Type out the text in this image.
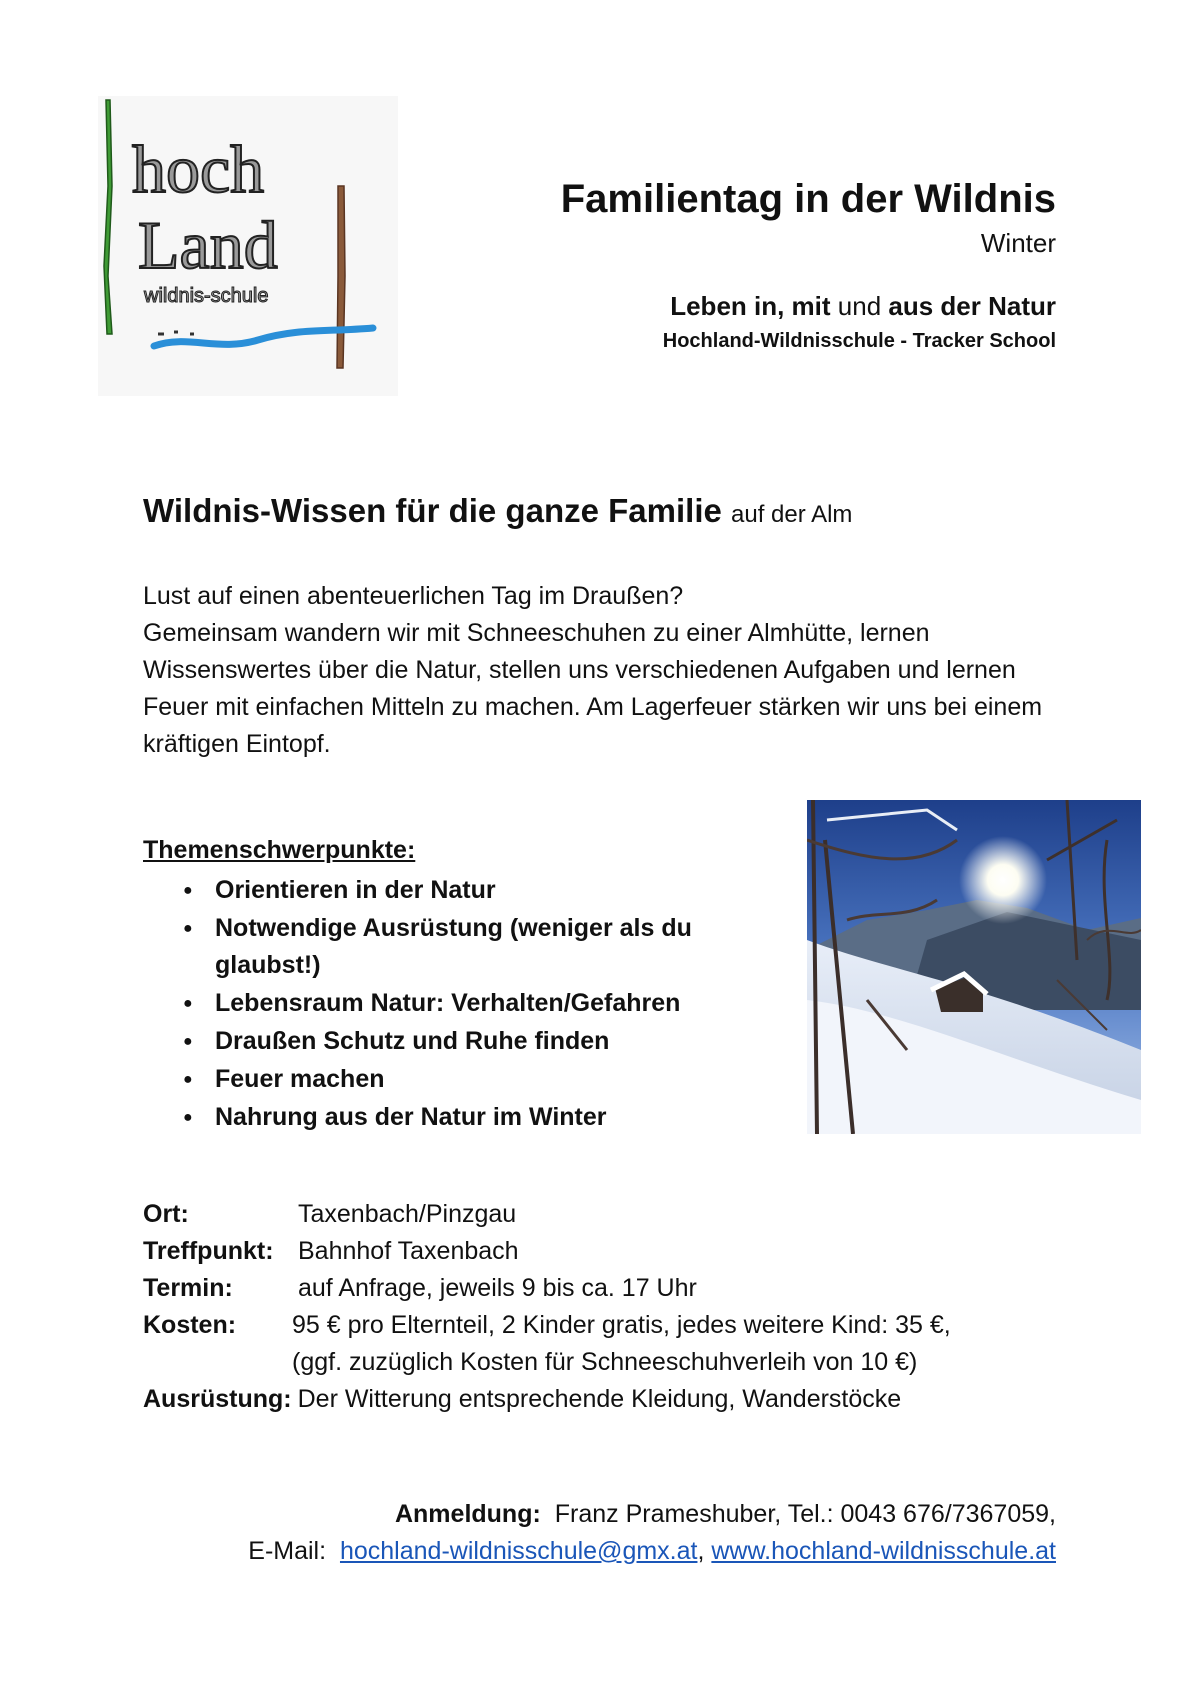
hoch
Land
wildnis-schule
Familientag in der Wildnis
Winter
Leben in, mit und aus der Natur
Hochland-Wildnisschule - Tracker School
Wildnis-Wissen für die ganze Familie auf der Alm

Lust auf einen abenteuerlichen Tag im Draußen?

Gemeinsam wandern wir mit Schneeschuhen zu einer Almhütte, lernen Wissenswertes über die Natur, stellen uns verschiedenen Aufgaben und lernen Feuer mit einfachen Mitteln zu machen. Am Lagerfeuer stärken wir uns bei einem kräftigen Eintopf.

Themenschwerpunkte:
● Orientieren in der Natur
● Notwendige Ausrüstung (weniger als du glaubst!)
● Lebensraum Natur: Verhalten/Gefahren
● Draußen Schutz und Ruhe finden
● Feuer machen
● Nahrung aus der Natur im Winter
Ort:	Taxenbach/Pinzgau
Treffpunkt: Bahnhof Taxenbach
Termin:	auf Anfrage, jeweils 9 bis ca. 17 Uhr
Kosten:	95 € pro Elternteil, 2 Kinder gratis, jedes weitere Kind: 35 €,
(ggf. zuzüglich Kosten für Schneeschuhverleih von 10 €)
Ausrüstung: Der Witterung entsprechende Kleidung, Wanderstöcke
Anmeldung: Franz Prameshuber, Tel.: 0043 676/7367059,
E-Mail: hochland-wildnisschule@gmx.at, www.hochland-wildnisschule.at
